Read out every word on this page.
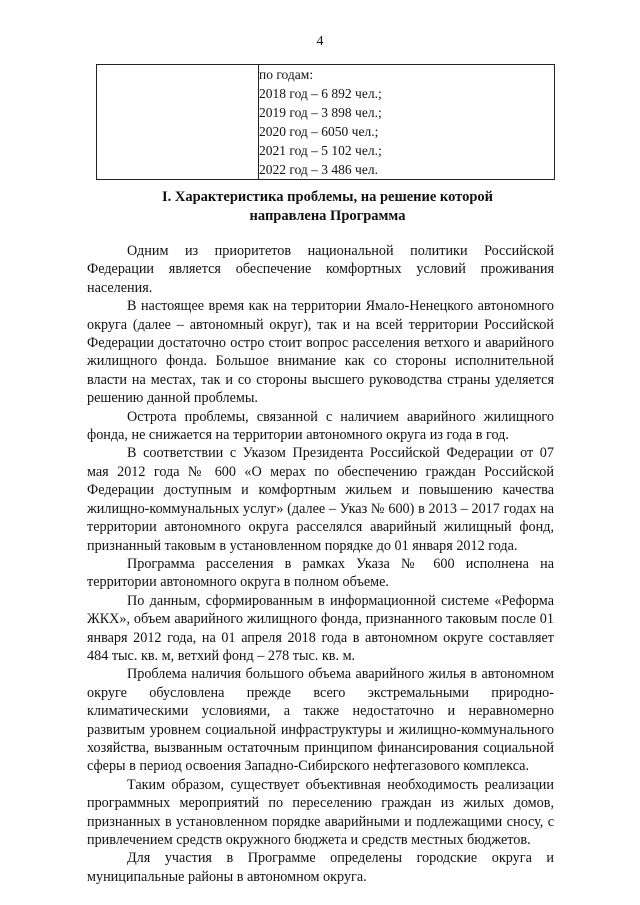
4

по годам:
2018 год – 6 892 чел.;
2019 год – 3 898 чел.;
2020 год – 6050 чел.;
2021 год – 5 102 чел.;
2022 год – 3 486 чел.
I. Характеристика проблемы, на решение которой
направлена Программа

Одним из приоритетов национальной политики Российской Федерации является обеспечение комфортных условий проживания населения.

В настоящее время как на территории Ямало-Ненецкого автономного округа (далее – автономный округ), так и на всей территории Российской Федерации достаточно остро стоит вопрос расселения ветхого и аварийного жилищного фонда. Большое внимание как со стороны исполнительной власти на местах, так и со стороны высшего руководства страны уделяется решению данной проблемы.

Острота проблемы, связанной с наличием аварийного жилищного фонда, не снижается на территории автономного округа из года в год.

В соответствии с Указом Президента Российской Федерации от 07 мая 2012 года № 600 «О мерах по обеспечению граждан Российской Федерации доступным и комфортным жильем и повышению качества жилищно-коммунальных услуг» (далее – Указ № 600) в 2013 – 2017 годах на территории автономного округа расселялся аварийный жилищный фонд, признанный таковым в установленном порядке до 01 января 2012 года.

Программа расселения в рамках Указа № 600 исполнена на территории автономного округа в полном объеме.

По данным, сформированным в информационной системе «Реформа ЖКХ», объем аварийного жилищного фонда, признанного таковым после 01 января 2012 года, на 01 апреля 2018 года в автономном округе составляет 484 тыс. кв. м, ветхий фонд – 278 тыс. кв. м.

Проблема наличия большого объема аварийного жилья в автономном округе обусловлена прежде всего экстремальными природно-климатическими условиями, а также недостаточно и неравномерно развитым уровнем социальной инфраструктуры и жилищно-коммунального хозяйства, вызванным остаточным принципом финансирования социальной сферы в период освоения Западно-Сибирского нефтегазового комплекса.

Таким образом, существует объективная необходимость реализации программных мероприятий по переселению граждан из жилых домов, признанных в установленном порядке аварийными и подлежащими сносу, с привлечением средств окружного бюджета и средств местных бюджетов.

Для участия в Программе определены городские округа и муниципальные районы в автономном округа.
